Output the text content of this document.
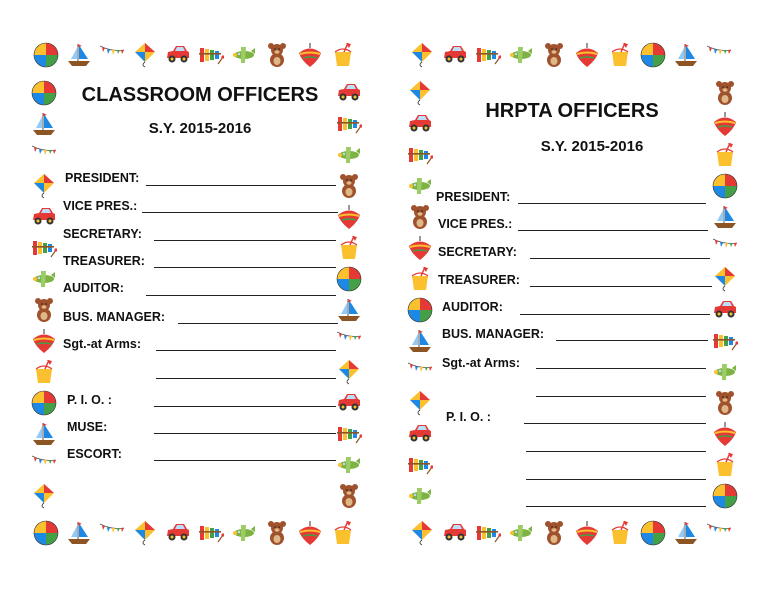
CLASSROOM OFFICERS
S.Y. 2015-2016
PRESIDENT:
VICE PRES.:
SECRETARY:
TREASURER:
AUDITOR:
BUS. MANAGER:
Sgt.-at Arms:
P. I. O. :
MUSE:
ESCORT:
HRPTA OFFICERS
S.Y. 2015-2016
PRESIDENT:
VICE PRES.:
SECRETARY:
TREASURER:
AUDITOR:
BUS. MANAGER:
Sgt.-at Arms:
P. I. O. :
